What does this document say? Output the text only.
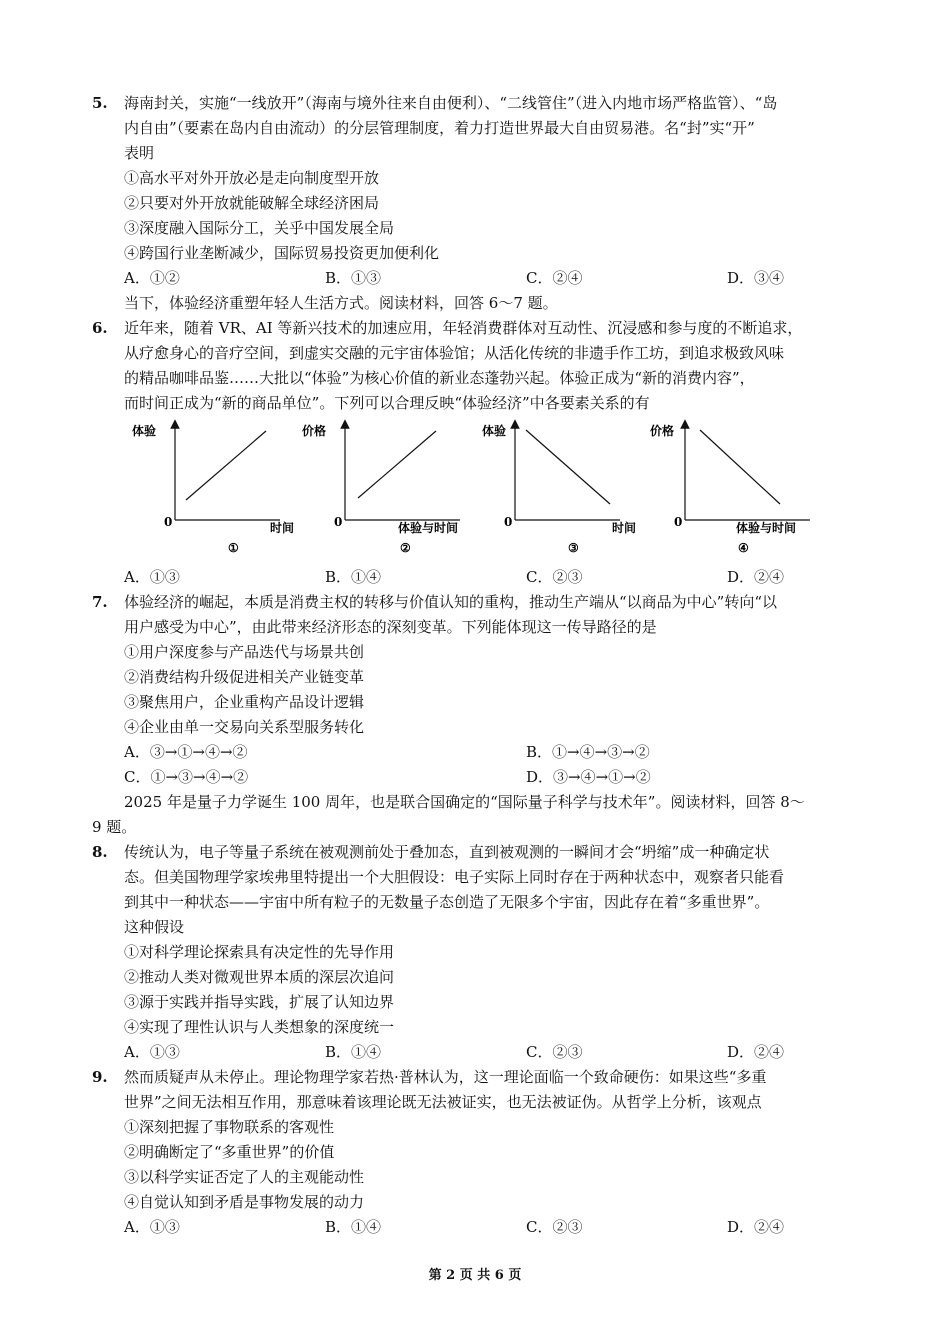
5. 海南封关，实施“一线放开”（海南与境外往来自由便利）、“二线管住”（进入内地市场严格监管）、“岛
内自由”（要素在岛内自由流动）的分层管理制度，着力打造世界最大自由贸易港。名“封”实“开”
表明
①高水平对外开放必是走向制度型开放
②只要对外开放就能破解全球经济困局
③深度融入国际分工，关乎中国发展全局
④跨国行业垄断减少，国际贸易投资更加便利化
A．①②	B．①③	C．②④	D．③④
当下，体验经济重塑年轻人生活方式。阅读材料，回答 6～7 题。
6. 近年来，随着 VR、AI 等新兴技术的加速应用，年轻消费群体对互动性、沉浸感和参与度的不断追求，
从疗愈身心的音疗空间，到虚实交融的元宇宙体验馆；从活化传统的非遗手作工坊，到追求极致风味
的精品咖啡品鉴……大批以“体验”为核心价值的新业态蓬勃兴起。体验正成为“新的消费内容”，
而时间正成为“新的商品单位”。下列可以合理反映“体验经济”中各要素关系的有
体验
0	时间
①
价格
0	体验与时间
②
体验
0	时间
③
价格
0	体验与时间
④
A．①③	B．①④	C．②③	D．②④
7. 体验经济的崛起，本质是消费主权的转移与价值认知的重构，推动生产端从“以商品为中心”转向“以
用户感受为中心”，由此带来经济形态的深刻变革。下列能体现这一传导路径的是
①用户深度参与产品迭代与场景共创
②消费结构升级促进相关产业链变革
③聚焦用户，企业重构产品设计逻辑
④企业由单一交易向关系型服务转化
A．③→①→④→②	B．①→④→③→②
C．①→③→④→②	D．③→④→①→②
2025 年是量子力学诞生 100 周年，也是联合国确定的“国际量子科学与技术年”。阅读材料，回答 8～
9 题。
8. 传统认为，电子等量子系统在被观测前处于叠加态，直到被观测的一瞬间才会“坍缩”成一种确定状
态。但美国物理学家埃弗里特提出一个大胆假设：电子实际上同时存在于两种状态中，观察者只能看
到其中一种状态——宇宙中所有粒子的无数量子态创造了无限多个宇宙，因此存在着“多重世界”。
这种假设
①对科学理论探索具有决定性的先导作用
②推动人类对微观世界本质的深层次追问
③源于实践并指导实践，扩展了认知边界
④实现了理性认识与人类想象的深度统一
A．①③	B．①④	C．②③	D．②④
9. 然而质疑声从未停止。理论物理学家若热·普林认为，这一理论面临一个致命硬伤：如果这些“多重
世界”之间无法相互作用，那意味着该理论既无法被证实，也无法被证伪。从哲学上分析，该观点
①深刻把握了事物联系的客观性
②明确断定了“多重世界”的价值
③以科学实证否定了人的主观能动性
④自觉认知到矛盾是事物发展的动力
A．①③	B．①④	C．②③	D．②④
第 2 页 共 6 页
